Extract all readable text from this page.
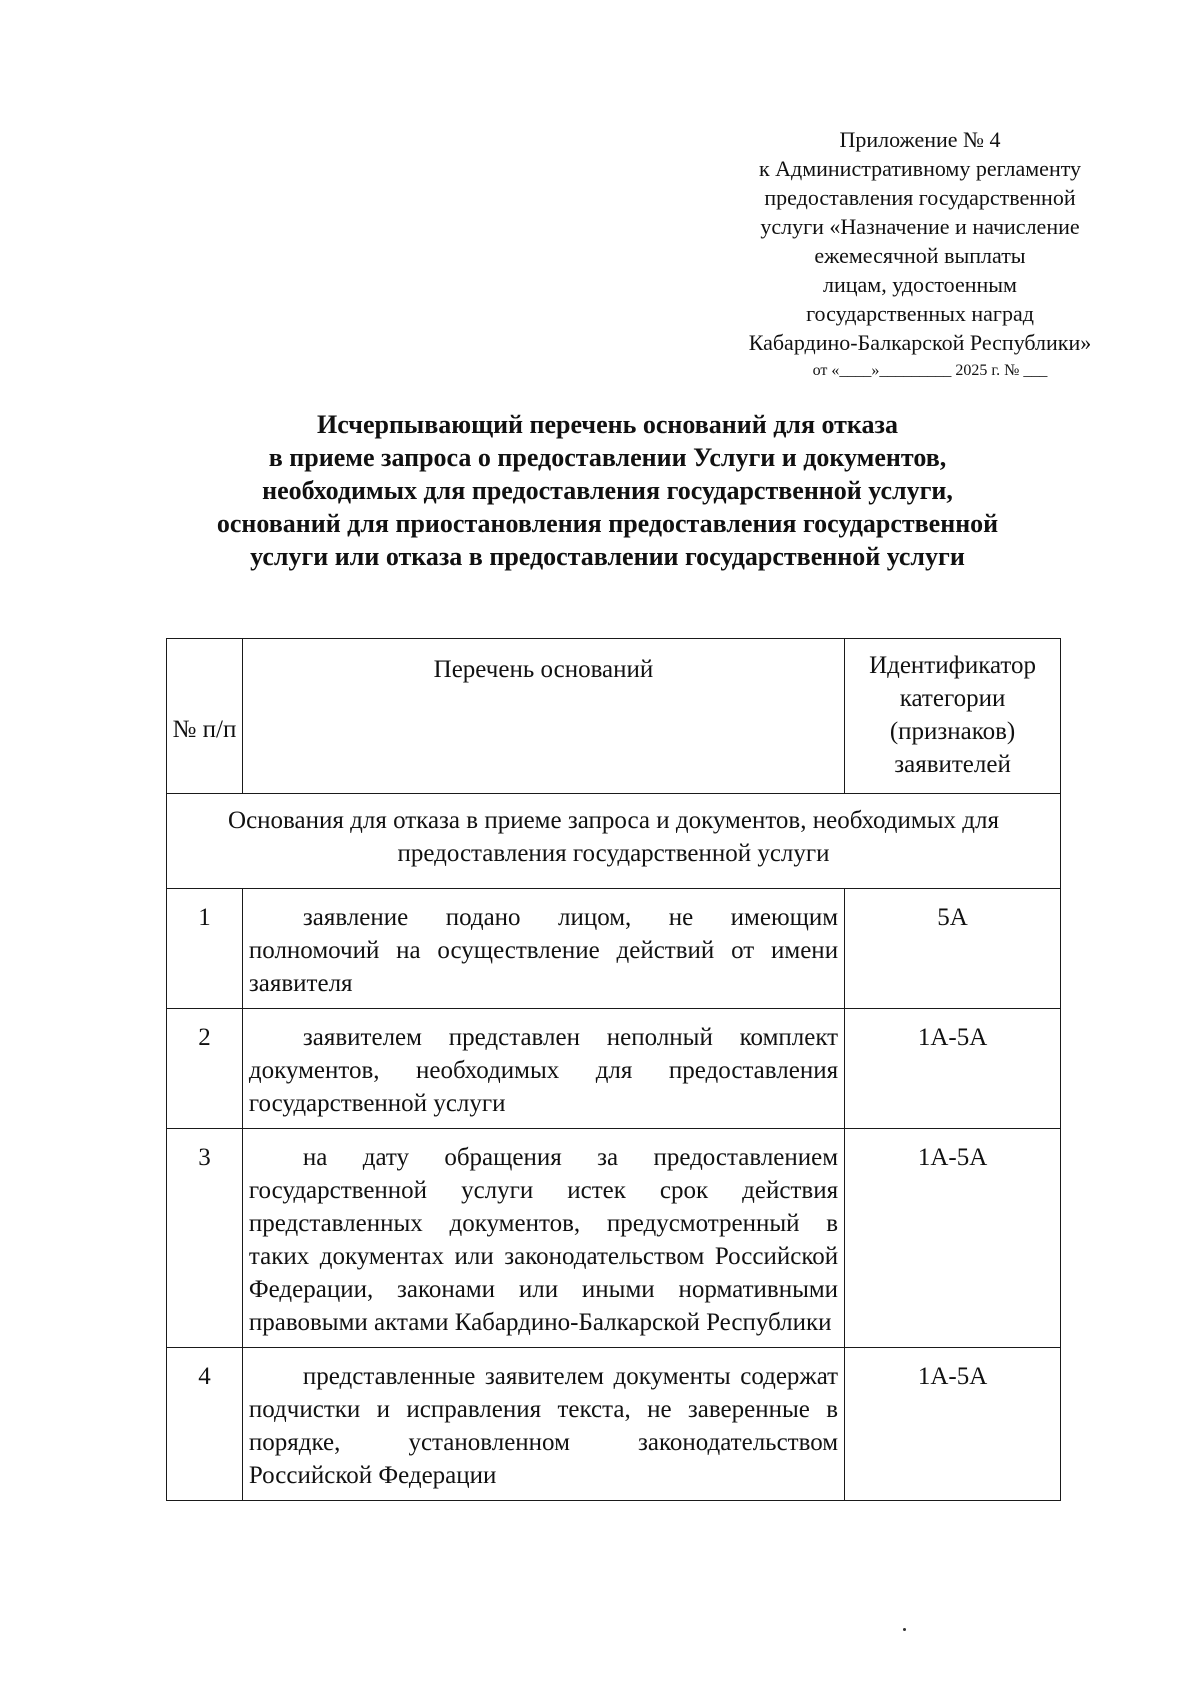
Приложение № 4
к Административному регламенту
предоставления государственной
услуги «Назначение и начисление
ежемесячной выплаты
лицам, удостоенным
государственных наград
Кабардино-Балкарской Республики»
от «____»_________ 2025 г. № ___
Исчерпывающий перечень оснований для отказа
в приеме запроса о предоставлении Услуги и документов,
необходимых для предоставления государственной услуги,
оснований для приостановления предоставления государственной
услуги или отказа в предоставлении государственной услуги
№ п/п	Перечень оснований	Идентификатор категории (признаков) заявителей
Основания для отказа в приеме запроса и документов, необходимых для предоставления государственной услуги		
1	заявление подано лицом, не имеющим полномочий на осуществление действий от имени заявителя	5А
2	заявителем представлен неполный комплект документов, необходимых для предоставления государственной услуги	1А-5А
3	на дату обращения за предоставлением государственной услуги истек срок действия представленных документов, предусмотренный в таких документах или законодательством Российской Федерации, законами или иными нормативными правовыми актами Кабардино-Балкарской Республики	1А-5А
4	представленные заявителем документы содержат подчистки и исправления текста, не заверенные в порядке, установленном законодательством Российской Федерации	1А-5А
